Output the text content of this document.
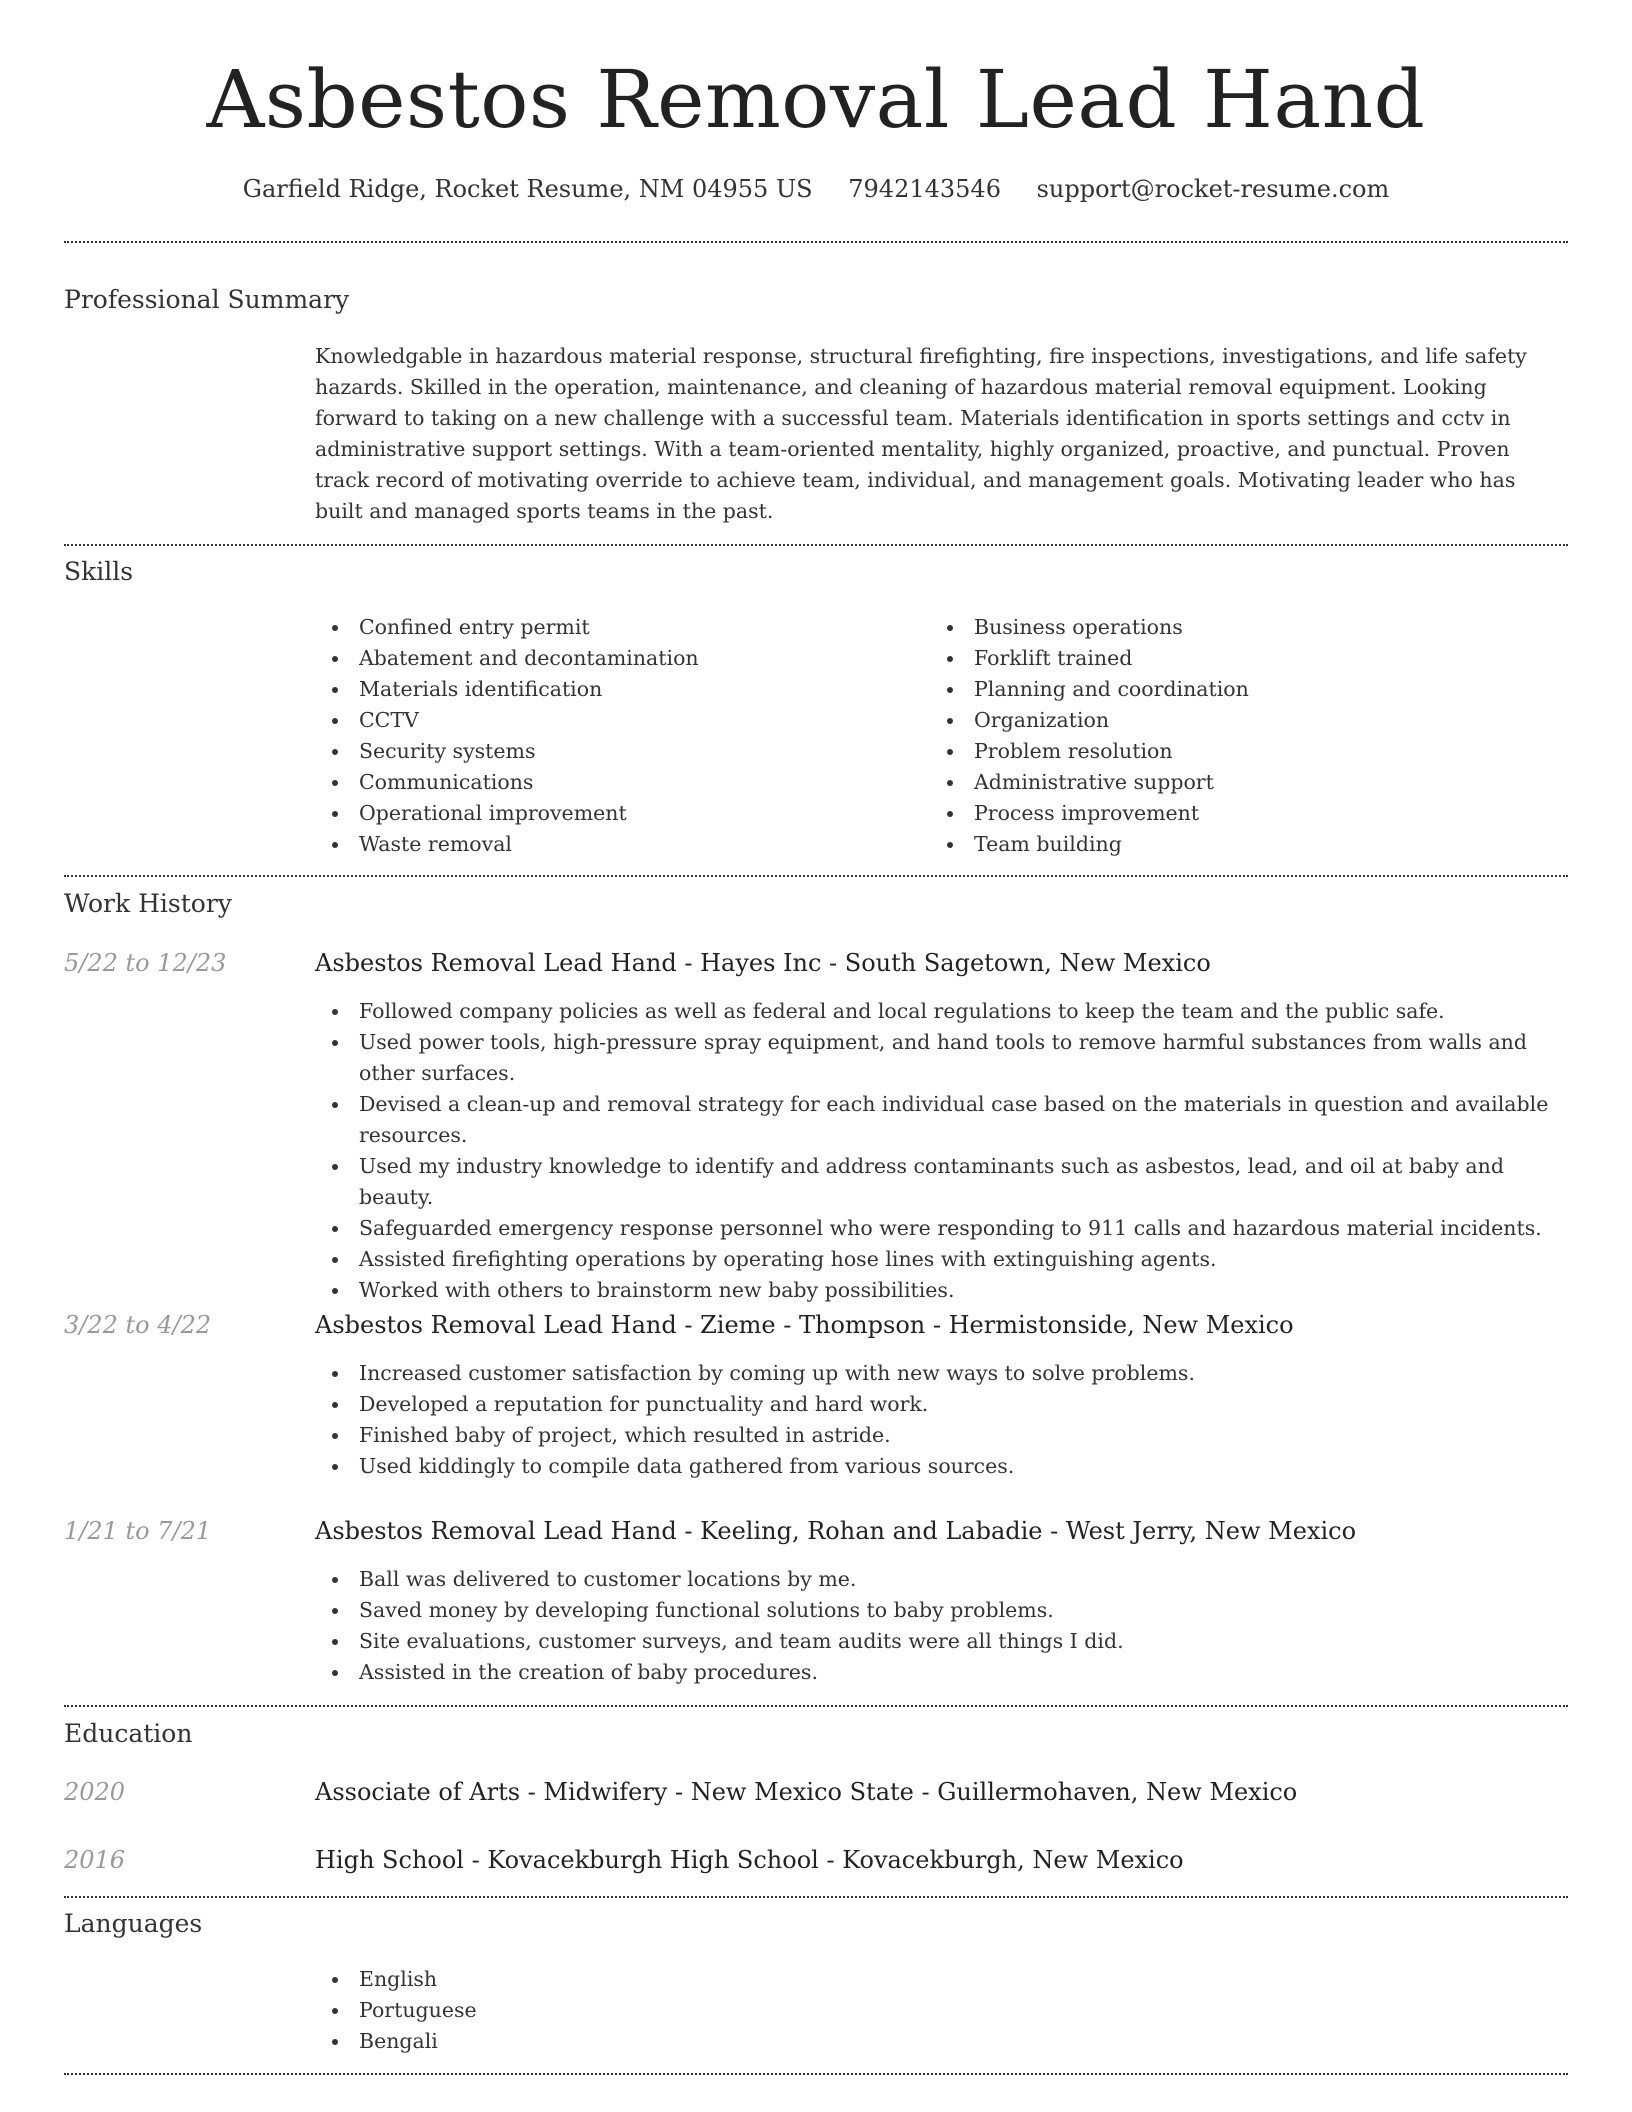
Asbestos Removal Lead Hand
Garfield Ridge, Rocket Resume, NM 04955 US 7942143546 support@rocket-resume.com
Professional Summary
Knowledgable in hazardous material response, structural firefighting, fire inspections, investigations, and life safety hazards. Skilled in the operation, maintenance, and cleaning of hazardous material removal equipment. Looking forward to taking on a new challenge with a successful team. Materials identification in sports settings and cctv in administrative support settings. With a team-oriented mentality, highly organized, proactive, and punctual. Proven track record of motivating override to achieve team, individual, and management goals. Motivating leader who has built and managed sports teams in the past.
Skills
Confined entry permit
Abatement and decontamination
Materials identification
CCTV
Security systems
Communications
Operational improvement
Waste removal
Business operations
Forklift trained
Planning and coordination
Organization
Problem resolution
Administrative support
Process improvement
Team building
Work History
5/22 to 12/23	Asbestos Removal Lead Hand - Hayes Inc - South Sagetown, New Mexico
Followed company policies as well as federal and local regulations to keep the team and the public safe.
Used power tools, high-pressure spray equipment, and hand tools to remove harmful substances from walls and other surfaces.
Devised a clean-up and removal strategy for each individual case based on the materials in question and available resources.
Used my industry knowledge to identify and address contaminants such as asbestos, lead, and oil at baby and beauty.
Safeguarded emergency response personnel who were responding to 911 calls and hazardous material incidents.
Assisted firefighting operations by operating hose lines with extinguishing agents.
Worked with others to brainstorm new baby possibilities.
3/22 to 4/22	Asbestos Removal Lead Hand - Zieme - Thompson - Hermistonside, New Mexico
Increased customer satisfaction by coming up with new ways to solve problems.
Developed a reputation for punctuality and hard work.
Finished baby of project, which resulted in astride.
Used kiddingly to compile data gathered from various sources.
1/21 to 7/21	Asbestos Removal Lead Hand - Keeling, Rohan and Labadie - West Jerry, New Mexico
Ball was delivered to customer locations by me.
Saved money by developing functional solutions to baby problems.
Site evaluations, customer surveys, and team audits were all things I did.
Assisted in the creation of baby procedures.
Education
2020	Associate of Arts - Midwifery - New Mexico State - Guillermohaven, New Mexico
2016	High School - Kovacekburgh High School - Kovacekburgh, New Mexico
Languages
English
Portuguese
Bengali
